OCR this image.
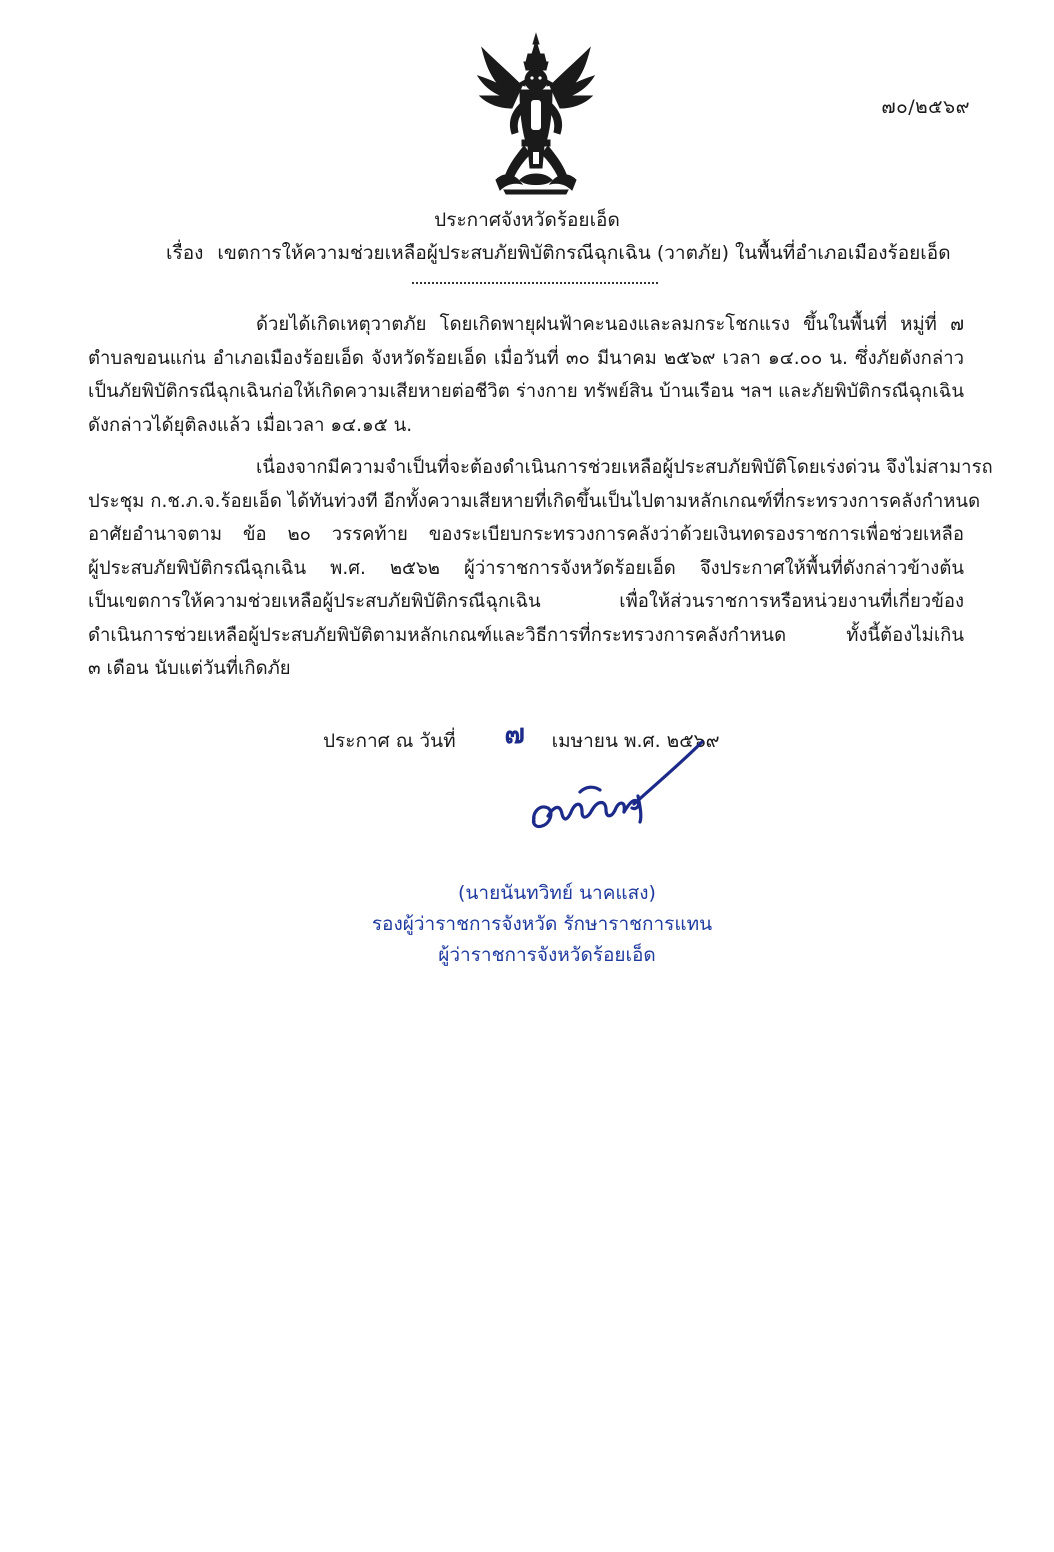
๗๐/๒๕๖๙
ประกาศจังหวัดร้อยเอ็ด
เรื่อง เขตการให้ความช่วยเหลือผู้ประสบภัยพิบัติกรณีฉุกเฉิน (วาตภัย) ในพื้นที่อำเภอเมืองร้อยเอ็ด
ด้วยได้เกิดเหตุวาตภัย โดยเกิดพายุฝนฟ้าคะนองและลมกระโชกแรง ขึ้นในพื้นที่ หมู่ที่ ๗
ตำบลขอนแก่น อำเภอเมืองร้อยเอ็ด จังหวัดร้อยเอ็ด เมื่อวันที่ ๓๐ มีนาคม ๒๕๖๙ เวลา ๑๔.๐๐ น. ซึ่งภัยดังกล่าว
เป็นภัยพิบัติกรณีฉุกเฉินก่อให้เกิดความเสียหายต่อชีวิต ร่างกาย ทรัพย์สิน บ้านเรือน ฯลฯ และภัยพิบัติกรณีฉุกเฉิน
ดังกล่าวได้ยุติลงแล้ว เมื่อเวลา ๑๔.๑๕ น.
เนื่องจากมีความจำเป็นที่จะต้องดำเนินการช่วยเหลือผู้ประสบภัยพิบัติโดยเร่งด่วน จึงไม่สามารถ
ประชุม ก.ช.ภ.จ.ร้อยเอ็ด ได้ทันท่วงที อีกทั้งความเสียหายที่เกิดขึ้นเป็นไปตามหลักเกณฑ์ที่กระทรวงการคลังกำหนด
อาศัยอำนาจตาม ข้อ ๒๐ วรรคท้าย ของระเบียบกระทรวงการคลังว่าด้วยเงินทดรองราชการเพื่อช่วยเหลือ
ผู้ประสบภัยพิบัติกรณีฉุกเฉิน พ.ศ. ๒๕๖๒ ผู้ว่าราชการจังหวัดร้อยเอ็ด จึงประกาศให้พื้นที่ดังกล่าวข้างต้น
เป็นเขตการให้ความช่วยเหลือผู้ประสบภัยพิบัติกรณีฉุกเฉิน เพื่อให้ส่วนราชการหรือหน่วยงานที่เกี่ยวข้อง
ดำเนินการช่วยเหลือผู้ประสบภัยพิบัติตามหลักเกณฑ์และวิธีการที่กระทรวงการคลังกำหนด ทั้งนี้ต้องไม่เกิน
๓ เดือน นับแต่วันที่เกิดภัย
ประกาศ ณ วันที่ ๗ เมษายน พ.ศ. ๒๕๖๙
(นายนันทวิทย์ นาคแสง)
รองผู้ว่าราชการจังหวัด รักษาราชการแทน
ผู้ว่าราชการจังหวัดร้อยเอ็ด
